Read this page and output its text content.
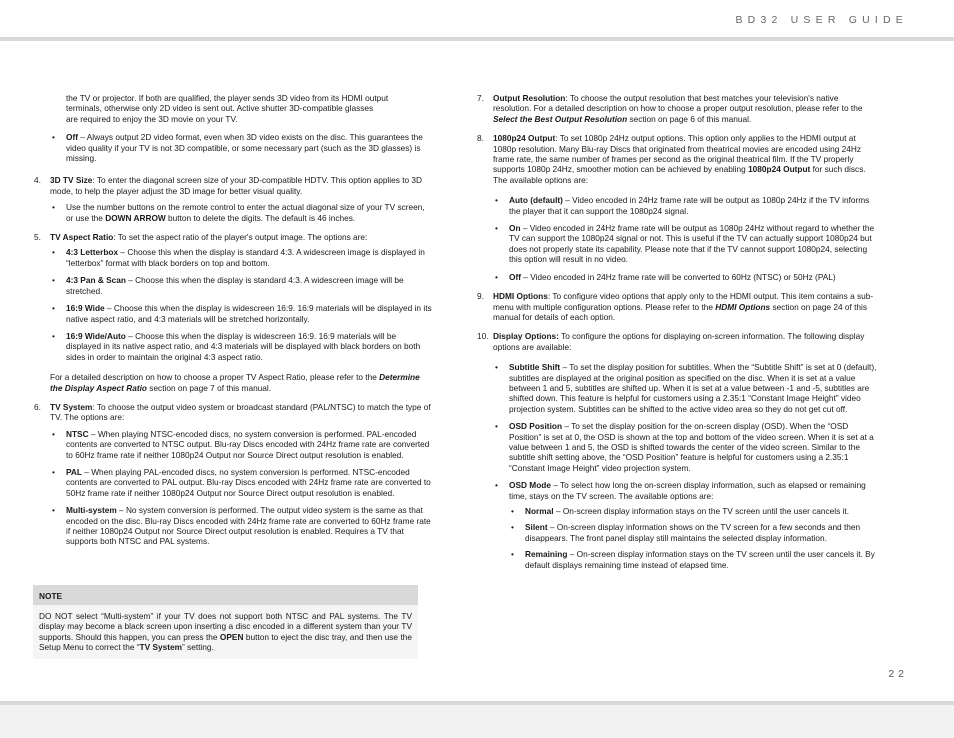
BD32 USER GUIDE

the TV or projector. If both are qualified, the player sends 3D video from its HDMI output

terminals, otherwise only 2D video is sent out. Active shutter 3D-compatible glasses

are required to enjoy the 3D movie on your TV.

• Off – Always output 2D video format, even when 3D video exists on the disc. This guarantees the video quality if your TV is not 3D compatible, or some necessary part (such as the 3D glasses) is missing.
4. 3D TV Size: To enter the diagonal screen size of your 3D-compatible HDTV. This option applies to 3D mode, to help the player adjust the 3D image for better visual quality.

• Use the number buttons on the remote control to enter the actual diagonal size of your TV screen, or use the DOWN ARROW button to delete the digits. The default is 46 inches.
5. TV Aspect Ratio: To set the aspect ratio of the player's output image. The options are:

• 4:3 Letterbox – Choose this when the display is standard 4:3. A widescreen image is displayed in “letterbox” format with black borders on top and bottom.
• 4:3 Pan & Scan – Choose this when the display is standard 4:3. A widescreen image will be stretched.
• 16:9 Wide – Choose this when the display is widescreen 16:9. 16:9 materials will be displayed in its native aspect ratio, and 4:3 materials will be stretched horizontally.
• 16:9 Wide/Auto – Choose this when the display is widescreen 16:9. 16:9 materials will be displayed in its native aspect ratio, and 4:3 materials will be displayed with black borders on both sides in order to maintain the original 4:3 aspect ratio.

For a detailed description on how to choose a proper TV Aspect Ratio, please refer to the Determine the Display Aspect Ratio section on page 7 of this manual.

6. TV System: To choose the output video system or broadcast standard (PAL/NTSC) to match the type of TV. The options are:

• NTSC – When playing NTSC-encoded discs, no system conversion is performed. PAL-encoded contents are converted to NTSC output. Blu-ray Discs encoded with 24Hz frame rate are converted to 60Hz frame rate if neither 1080p24 Output nor Source Direct output resolution is enabled.
• PAL – When playing PAL-encoded discs, no system conversion is performed. NTSC-encoded contents are converted to PAL output. Blu-ray Discs encoded with 24Hz frame rate are converted to 50Hz frame rate if neither 1080p24 Output nor Source Direct output resolution is enabled.
• Multi-system – No system conversion is performed. The output video system is the same as that encoded on the disc. Blu-ray Discs encoded with 24Hz frame rate are converted to 60Hz frame rate if neither 1080p24 Output nor Source Direct output resolution is enabled. Requires a TV that supports both NTSC and PAL systems.
NOTE
DO NOT select “Multi-system” if your TV does not support both NTSC and PAL systems. The TV display may become a black screen upon inserting a disc encoded in a different system than your TV supports. Should this happen, you can press the OPEN button to eject the disc tray, and then use the Setup Menu to correct the “TV System” setting.
7. Output Resolution: To choose the output resolution that best matches your television's native resolution. For a detailed description on how to choose a proper output resolution, please refer to the Select the Best Output Resolution section on page 6 of this manual.

8. 1080p24 Output: To set 1080p 24Hz output options. This option only applies to the HDMI output at 1080p resolution. Many Blu-ray Discs that originated from theatrical movies are encoded using 24Hz frame rate, the same number of frames per second as the original theatrical film. If the TV properly supports 1080p 24Hz, smoother motion can be achieved by enabling 1080p24 Output for such discs. The available options are:

• Auto (default) – Video encoded in 24Hz frame rate will be output as 1080p 24Hz if the TV informs the player that it can support the 1080p24 signal.
• On – Video encoded in 24Hz frame rate will be output as 1080p 24Hz without regard to whether the TV can support the 1080p24 signal or not. This is useful if the TV can actually support 1080p24 but does not properly state its capability. Please note that if the TV cannot support 1080p24, selecting this option will result in no video.
• Off – Video encoded in 24Hz frame rate will be converted to 60Hz (NTSC) or 50Hz (PAL)
9. HDMI Options: To configure video options that apply only to the HDMI output. This item contains a sub-menu with multiple configuration options. Please refer to the HDMI Options section on page 24 of this manual for details of each option.

10. Display Options: To configure the options for displaying on-screen information. The following display options are available:

• Subtitle Shift – To set the display position for subtitles. When the “Subtitle Shift” is set at 0 (default), subtitles are displayed at the original position as specified on the disc. When it is set at a value between 1 and 5, subtitles are shifted up. When it is set at a value between -1 and -5, subtitles are shifted down. This feature is helpful for customers using a 2.35:1 “Constant Image Height” video projection system. Subtitles can be shifted to the active video area so they do not get cut off.
• OSD Position – To set the display position for the on-screen display (OSD). When the “OSD Position” is set at 0, the OSD is shown at the top and bottom of the video screen. When it is set at a value between 1 and 5, the OSD is shifted towards the center of the video screen. Similar to the subtitle shift setting above, the “OSD Position” feature is helpful for customers using a 2.35:1 “Constant Image Height” video projection system.
• OSD Mode – To select how long the on-screen display information, such as elapsed or remaining time, stays on the TV screen. The available options are:
• Normal – On-screen display information stays on the TV screen until the user cancels it.
• Silent – On-screen display information shows on the TV screen for a few seconds and then disappears. The front panel display still maintains the selected display information.
• Remaining – On-screen display information stays on the TV screen until the user cancels it. By default displays remaining time instead of elapsed time.
22
